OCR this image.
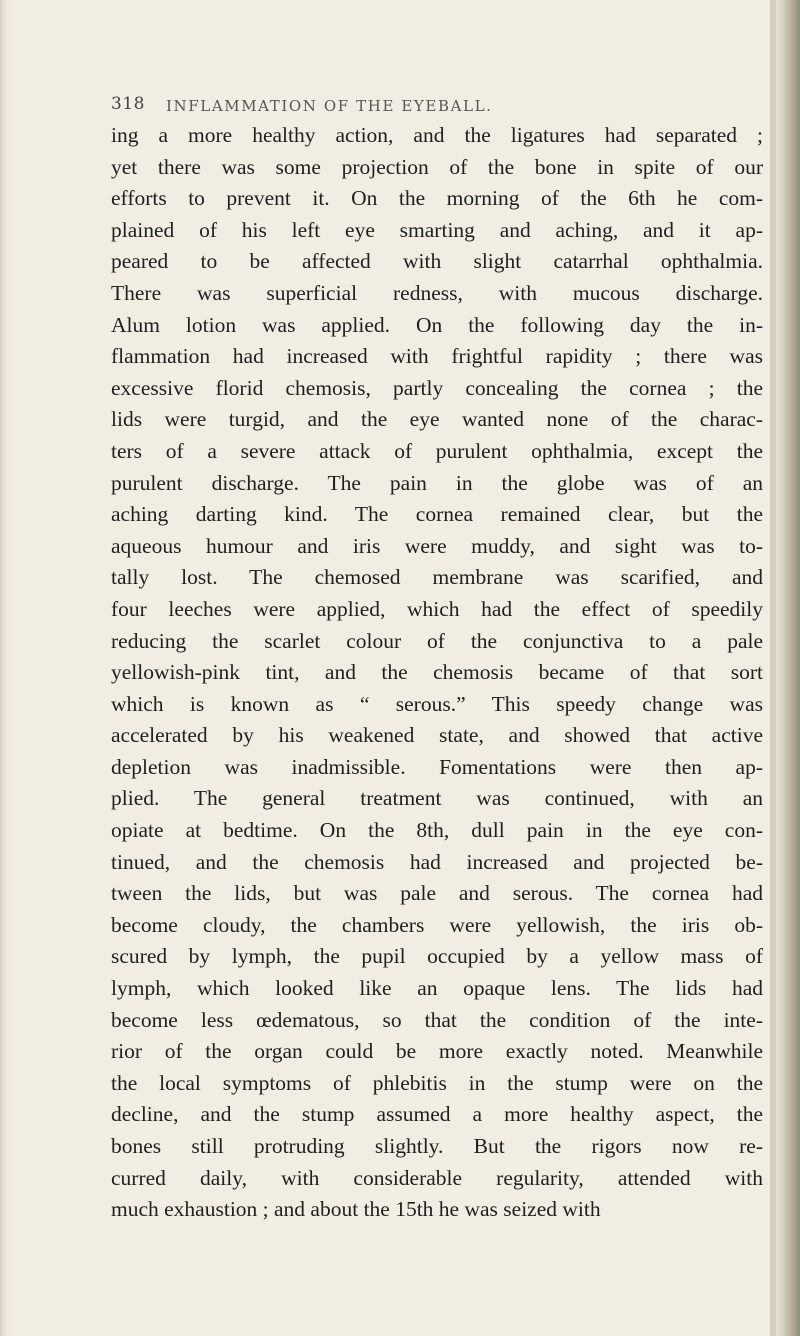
318 INFLAMMATION OF THE EYEBALL.
ing a more healthy action, and the ligatures had separated ;
yet there was some projection of the bone in spite of our
efforts to prevent it. On the morning of the 6th he com-
plained of his left eye smarting and aching, and it ap-
peared to be affected with slight catarrhal ophthalmia.
There was superficial redness, with mucous discharge.
Alum lotion was applied. On the following day the in-
flammation had increased with frightful rapidity ; there was
excessive florid chemosis, partly concealing the cornea ; the
lids were turgid, and the eye wanted none of the charac-
ters of a severe attack of purulent ophthalmia, except the
purulent discharge. The pain in the globe was of an
aching darting kind. The cornea remained clear, but the
aqueous humour and iris were muddy, and sight was to-
tally lost. The chemosed membrane was scarified, and
four leeches were applied, which had the effect of speedily
reducing the scarlet colour of the conjunctiva to a pale
yellowish-pink tint, and the chemosis became of that sort
which is known as “ serous.” This speedy change was
accelerated by his weakened state, and showed that active
depletion was inadmissible. Fomentations were then ap-
plied. The general treatment was continued, with an
opiate at bedtime. On the 8th, dull pain in the eye con-
tinued, and the chemosis had increased and projected be-
tween the lids, but was pale and serous. The cornea had
become cloudy, the chambers were yellowish, the iris ob-
scured by lymph, the pupil occupied by a yellow mass of
lymph, which looked like an opaque lens. The lids had
become less œdematous, so that the condition of the inte-
rior of the organ could be more exactly noted. Meanwhile
the local symptoms of phlebitis in the stump were on the
decline, and the stump assumed a more healthy aspect, the
bones still protruding slightly. But the rigors now re-
curred daily, with considerable regularity, attended with
much exhaustion ; and about the 15th he was seized with
